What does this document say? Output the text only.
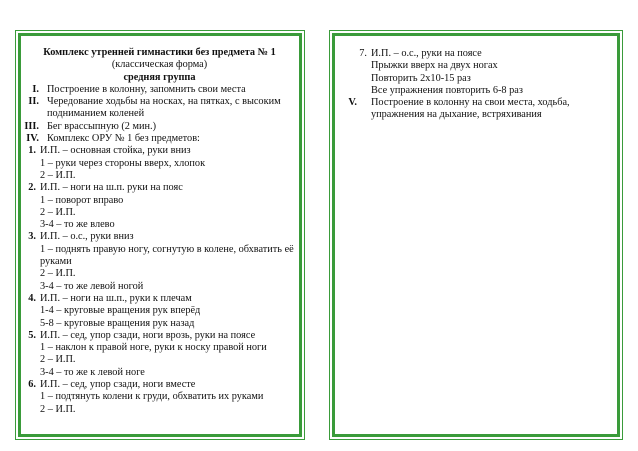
Комплекс утренней гимнастики без предмета № 1
(классическая форма)
средняя группа
I. Построение в колонну, запомнить свои места
II. Чередование ходьбы на носках, на пятках, с высоким подниманием коленей
III. Бег врассыпную (2 мин.)
IV. Комплекс ОРУ № 1 без предметов:
1. И.П. – основная стойка, руки вниз
1 – руки через стороны вверх, хлопок
2 – И.П.
2. И.П. – ноги на ш.п. руки на пояс
1 – поворот вправо
2 – И.П.
3-4 – то же влево
3. И.П. – о.с., руки вниз
1 – поднять правую ногу, согнутую в колене, обхватить её руками
2 – И.П.
3-4 – то же левой ногой
4. И.П. – ноги на ш.п., руки к плечам
1-4 – круговые вращения рук вперёд
5-8 – круговые вращения рук назад
5. И.П. – сед, упор сзади, ноги врозь, руки на поясе
1 – наклон к правой ноге, руки к носку правой ноги
2 – И.П.
3-4 – то же к левой ноге
6. И.П. – сед, упор сзади, ноги вместе
1 – подтянуть колени к груди, обхватить их руками
2 – И.П.
7. И.П. – о.с., руки на поясе
Прыжки вверх на двух ногах
Повторить 2х10-15 раз
Все упражнения повторить 6-8 раз
V. Построение в колонну на свои места, ходьба, упражнения на дыхание, встряхивания
